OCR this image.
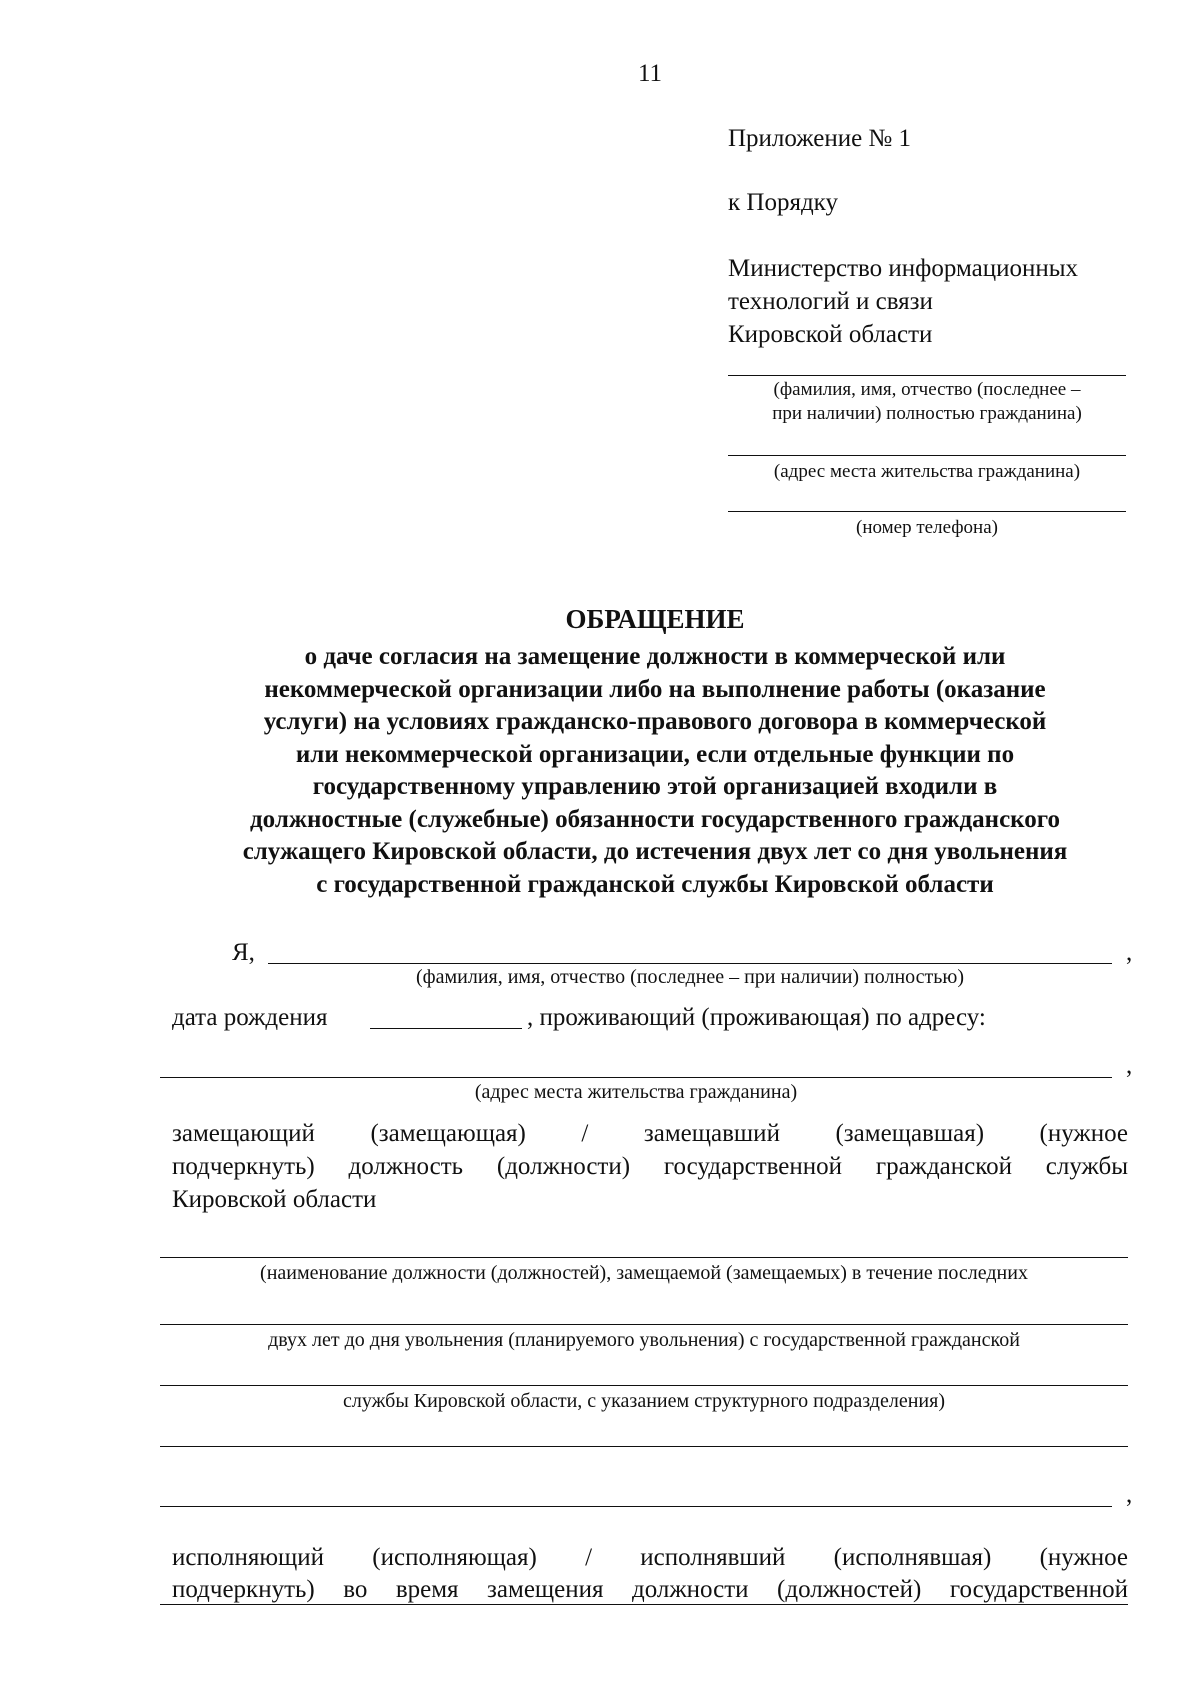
11
Приложение № 1
к Порядку
Министерство информационных
технологий и связи
Кировской области
(фамилия, имя, отчество (последнее –
при наличии) полностью гражданина)
(адрес места жительства гражданина)
(номер телефона)
ОБРАЩЕНИЕ
о даче согласия на замещение должности в коммерческой или
некоммерческой организации либо на выполнение работы (оказание
услуги) на условиях гражданско-правового договора в коммерческой
или некоммерческой организации, если отдельные функции по
государственному управлению этой организацией входили в
должностные (служебные) обязанности государственного гражданского
служащего Кировской области, до истечения двух лет со дня увольнения
с государственной гражданской службы Кировской области
Я,	,
(фамилия, имя, отчество (последнее – при наличии) полностью)
дата рождения	, проживающий (проживающая) по адресу:
,
(адрес места жительства гражданина)
замещающий (замещающая) / замещавший (замещавшая) (нужное
подчеркнуть) должность (должности) государственной гражданской службы
Кировской области
(наименование должности (должностей), замещаемой (замещаемых) в течение последних
двух лет до дня увольнения (планируемого увольнения) с государственной гражданской
службы Кировской области, с указанием структурного подразделения)
,
исполняющий (исполняющая) / исполнявший (исполнявшая) (нужное
подчеркнуть) во время замещения должности (должностей) государственной
